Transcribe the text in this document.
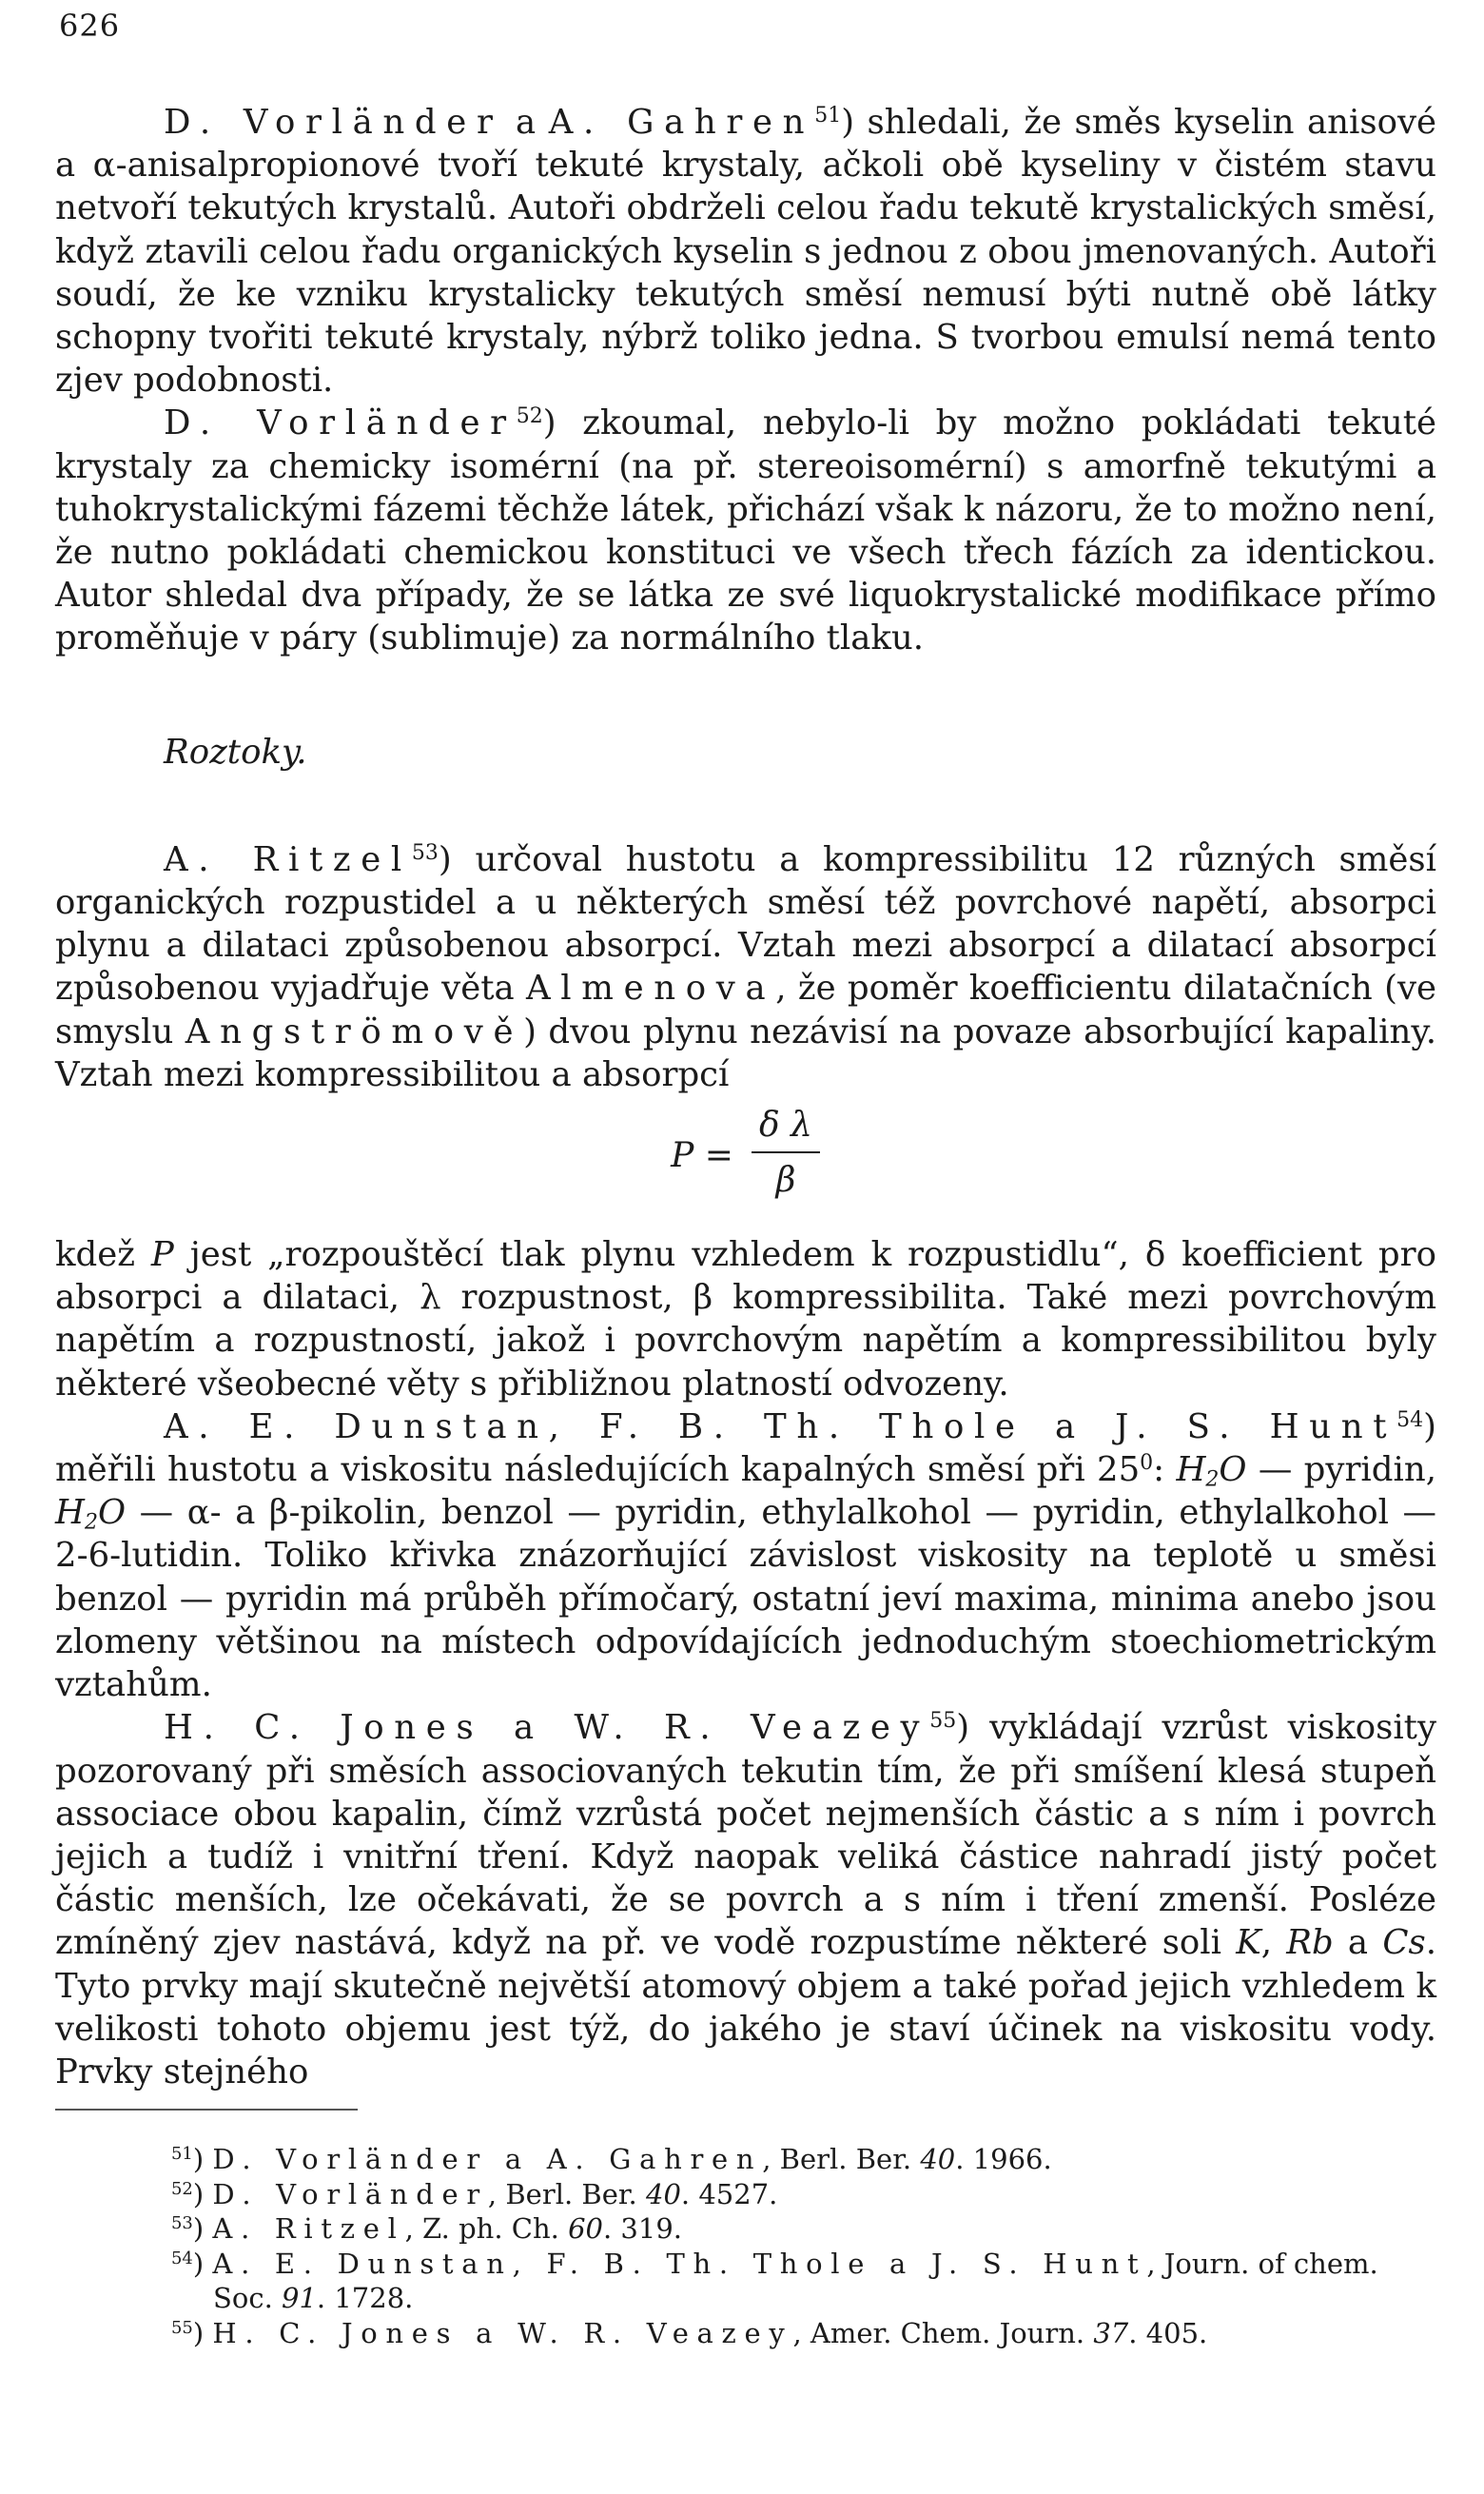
626

D. Vorländer a A. Gahren$^{51}$) shledali, že směs kyselin anisové a α-anisalpropionové tvoří tekuté krystaly, ačkoli obě kyseliny v čistém stavu netvoří tekutých krystalů. Autoři obdrželi celou řadu tekutě krystalických směsí, když ztavili celou řadu organických kyselin s jednou z obou jmenovaných. Autoři soudí, že ke vzniku krystalicky tekutých směsí nemusí býti nutně obě látky schopny tvořiti tekuté krystaly, nýbrž toliko jedna. S tvorbou emulsí nemá tento zjev podobnosti.

D. Vorländer$^{52}$) zkoumal, nebylo-li by možno pokládati tekuté krystaly za chemicky isomérní (na př. stereoisomérní) s amorfně tekutými a tuhokrystalickými fázemi těchže látek, přichází však k názoru, že to možno není, že nutno pokládati chemickou konstituci ve všech třech fázích za identickou. Autor shledal dva případy, že se látka ze své liquokrystalické modifikace přímo proměňuje v páry (sublimuje) za normálního tlaku.

Roztoky.

A. Ritzel$^{53}$) určoval hustotu a kompressibilitu 12 různých směsí organických rozpustidel a u některých směsí též povrchové napětí, absorpci plynu a dilataci způsobenou absorpcí. Vztah mezi absorpcí a dilatací absorpcí způsobenou vyjadřuje věta Almenova, že poměr koefficientu dilatačních (ve smyslu Angströmově) dvou plynu nezávisí na povaze absorbující kapaliny. Vztah mezi kompressibilitou a absorpcí

P =
δ λ
β

kdež P jest „rozpouštěcí tlak plynu vzhledem k rozpustidlu“, δ koefficient pro absorpci a dilataci, λ rozpustnost, β kompressibilita. Také mezi povrchovým napětím a rozpustností, jakož i povrchovým napětím a kompressibilitou byly některé všeobecné věty s přibližnou platností odvozeny.

A. E. Dunstan, F. B. Th. Thole a J. S. Hunt$^{54}$) měřili hustotu a viskositu následujících kapalných směsí při $25^0$: $H_2O$ — pyridin, $H_2O$ — α- a β-pikolin, benzol — pyridin, ethylalkohol — pyridin, ethylalkohol — 2-6-lutidin. Toliko křivka znázorňující závislost viskosity na teplotě u směsi benzol — pyridin má průběh přímočarý, ostatní jeví maxima, minima anebo jsou zlomeny většinou na místech odpovídajících jednoduchým stoechiometrickým vztahům.

H. C. Jones a W. R. Veazey$^{55}$) vykládají vzrůst viskosity pozorovaný při směsích associovaných tekutin tím, že při smíšení klesá stupeň associace obou kapalin, čímž vzrůstá počet nejmenších částic a s ním i povrch jejich a tudíž i vnitřní tření. Když naopak veliká částice nahradí jistý počet částic menších, lze očekávati, že se povrch a s ním i tření zmenší. Posléze zmíněný zjev nastává, když na př. ve vodě rozpustíme některé soli K, Rb a Cs. Tyto prvky mají skutečně největší atomový objem a také pořad jejich vzhledem k velikosti tohoto objemu jest týž, do jakého je staví účinek na viskositu vody. Prvky stejného

$^{51}$) D. Vorländer a A. Gahren, Berl. Ber. 40. 1966.

$^{52}$) D. Vorländer, Berl. Ber. 40. 4527.

$^{53}$) A. Ritzel, Z. ph. Ch. 60. 319.

$^{54}$) A. E. Dunstan, F. B. Th. Thole a J. S. Hunt, Journ. of chem. Soc. 91. 1728.

$^{55}$) H. C. Jones a W. R. Veazey, Amer. Chem. Journ. 37. 405.
